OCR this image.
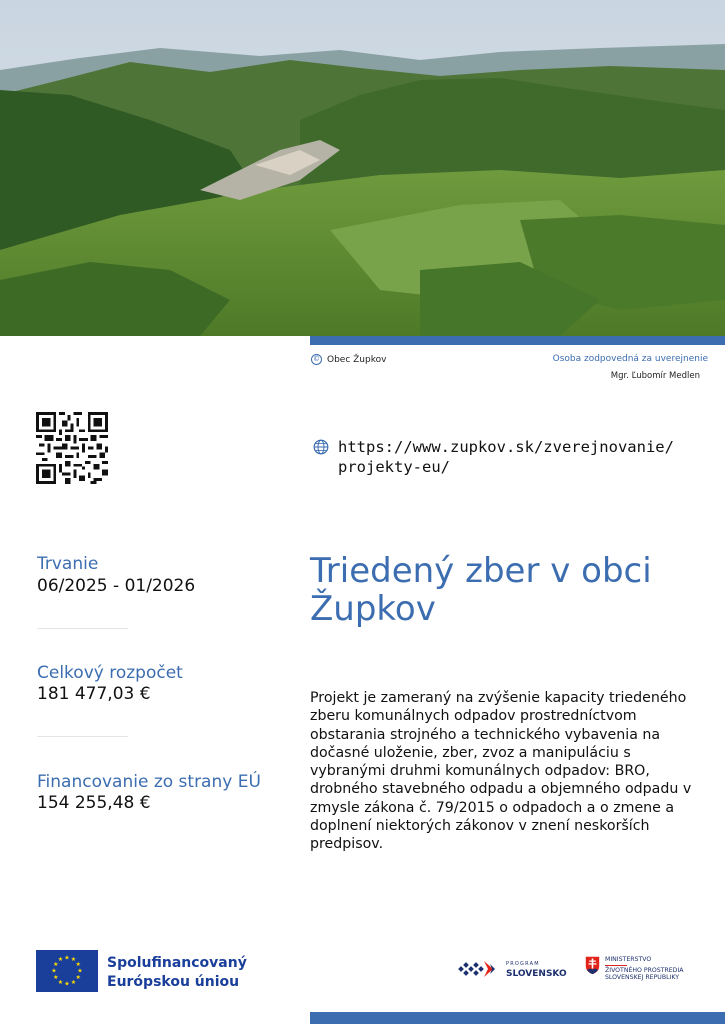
© Obec Župkov	Osoba zodpovedná za uverejnenie
Mgr. Ľubomír Medlen
https://www.zupkov.sk/zverejnovanie/
projekty-eu/
Trvanie
06/2025 - 01/2026
Celkový rozpočet
181 477,03 €
Financovanie zo strany EÚ
154 255,48 €
Triedený zber v obci Župkov
Projekt je zameraný na zvýšenie kapacity triedeného zberu komunálnych odpadov prostredníctvom obstarania strojného a technického vybavenia na dočasné uloženie, zber, zvoz a manipuláciu s vybranými druhmi komunálnych odpadov: BRO, drobného stavebného odpadu a objemného odpadu v zmysle zákona č. 79/2015 o odpadoch a o zmene a doplnení niektorých zákonov v znení neskorších predpisov.
★ ★
★
★
★
★
★
★
★
★
★
★	Spolufinancovaný
Európskou úniou
PROGRAM
SLOVENSKO
MINISTERSTVO
ŽIVOTNÉHO PROSTREDIA
SLOVENSKEJ REPUBLIKY
